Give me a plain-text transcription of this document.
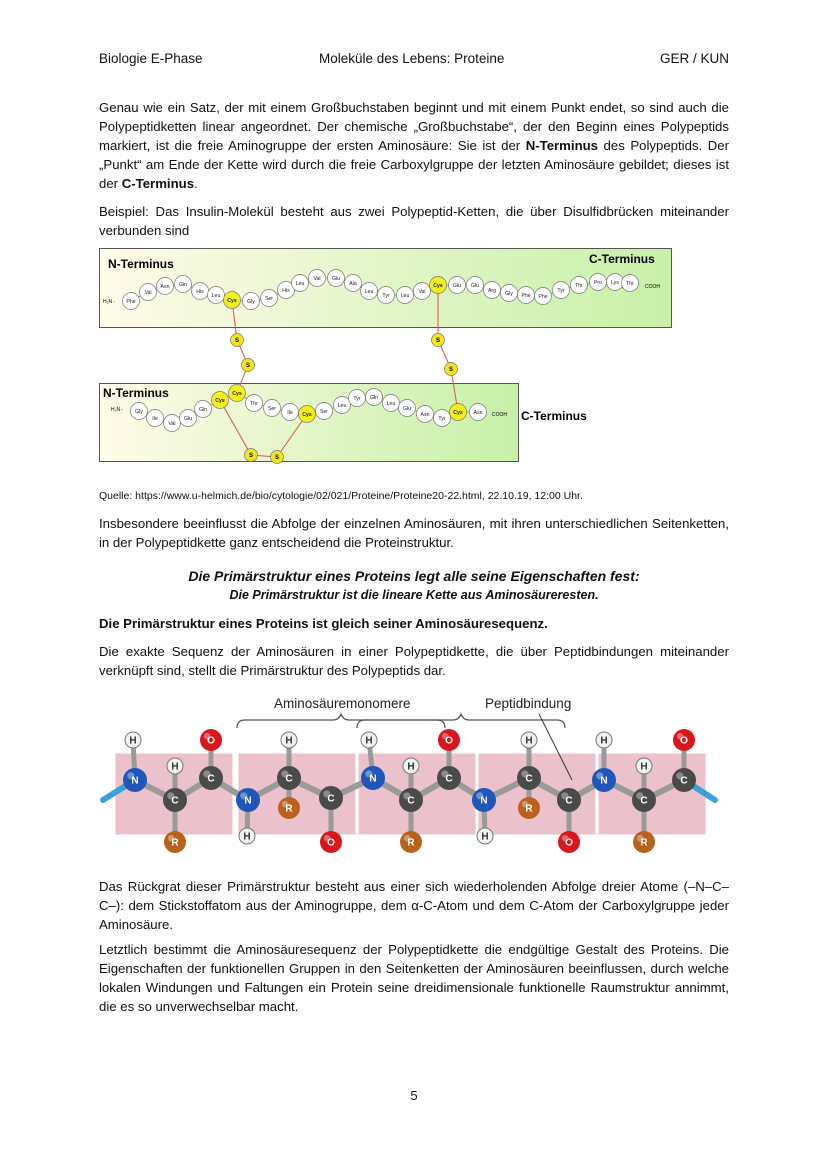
Biologie E-Phase	Moleküle des Lebens: Proteine	GER / KUN
Genau wie ein Satz, der mit einem Großbuchstaben beginnt und mit einem Punkt endet, so sind auch die Polypeptidketten linear angeordnet. Der chemische „Großbuchstabe“, der den Beginn eines Polypeptids markiert, ist die freie Aminogruppe der ersten Aminosäure: Sie ist der N-Terminus des Polypeptids. Der „Punkt“ am Ende der Kette wird durch die freie Carboxylgruppe der letzten Aminosäure gebildet; dieses ist der C-Terminus.
Beispiel: Das Insulin-Molekül besteht aus zwei Polypeptid-Ketten, die über Disulfidbrücken miteinander verbunden sind
S
S
S
S
S	S
Phe
Val
Asn Gln
His
Leu
Cys Gly Ser
His
Leu
Val Glu
Ala
Leu
Tyr Leu
Val
Cys Glu Glu
Arg Gly Phe Phe
Tyr
Thr Pro Lys Thr
Gly
Ile
Val
Glu
Gln
Cys
Cys
Thr
Ser
Ile Cys Ser
Leu
Tyr Gln
Leu
Glu
Asn
Tyr
Cys Asn
N-Terminus	C-Terminus
N-Terminus
C-Terminus
H₂N -
COOH
H₂N -
COOH
Quelle: https://www.u-helmich.de/bio/cytologie/02/021/Proteine/Proteine20-22.html, 22.10.19, 12:00 Uhr.
Insbesondere beeinflusst die Abfolge der einzelnen Aminosäuren, mit ihren unterschiedlichen Seitenketten, in der Polypeptidkette ganz entscheidend die Proteinstruktur.
Die Primärstruktur eines Proteins legt alle seine Eigenschaften fest:
Die Primärstruktur ist die lineare Kette aus Aminosäureresten.
Die Primärstruktur eines Proteins ist gleich seiner Aminosäuresequenz.
Die exakte Sequenz der Aminosäuren in einer Polypeptidkette, die über Peptidbindungen miteinander verknüpft sind, stellt die Primärstruktur des Polypeptids dar.
H
H
R
O
H
H
R
O
H
H
R
O
H
H
R
O
H
H
R
O
N
C
C
N
C
C
N
C
C
N
C
C
N
C
C
Aminosäuremonomere	Peptidbindung
Das Rückgrat dieser Primärstruktur besteht aus einer sich wiederholenden Abfolge dreier Atome (–N–C–C–): dem Stickstoffatom aus der Aminogruppe, dem α-C-Atom und dem C-Atom der Carboxylgruppe jeder Aminosäure.
Letztlich bestimmt die Aminosäuresequenz der Polypeptidkette die endgültige Gestalt des Proteins. Die Eigenschaften der funktionellen Gruppen in den Seitenketten der Aminosäuren beeinflussen, durch welche lokalen Windungen und Faltungen ein Protein seine dreidimensionale funktionelle Raumstruktur annimmt, die es so unverwechselbar macht.
5
